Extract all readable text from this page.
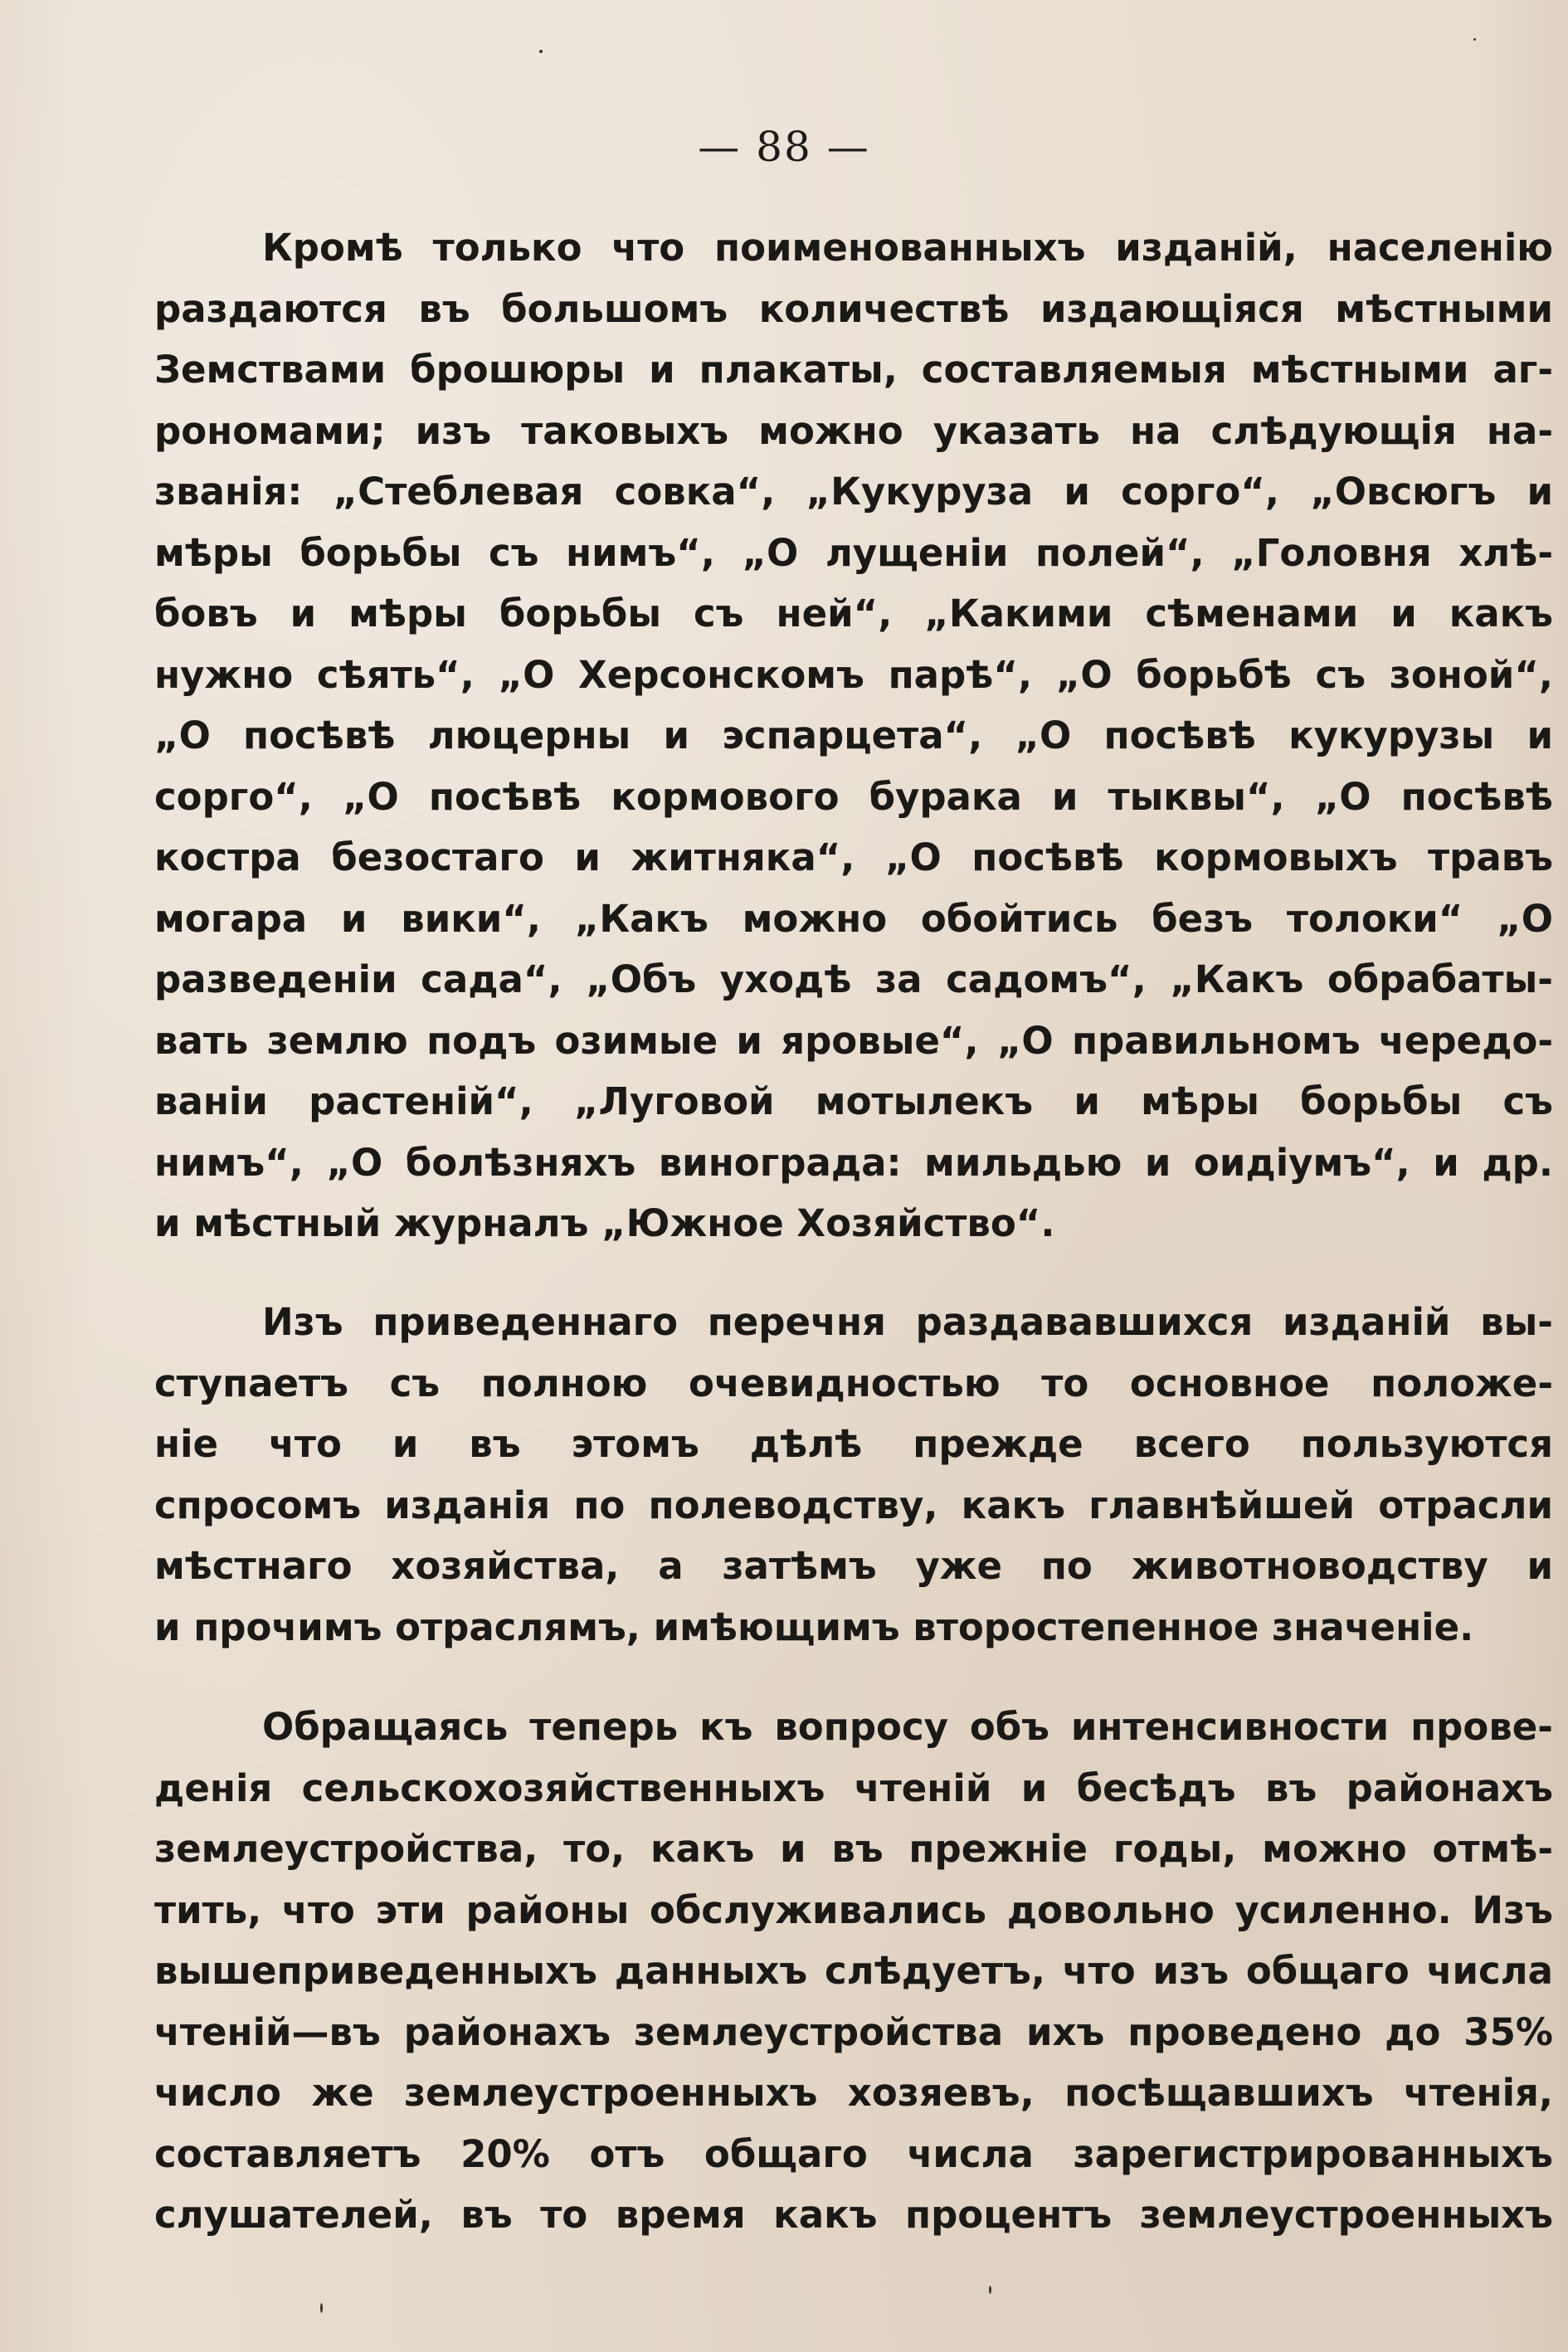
— 88 —
Кромѣ только что поименованныхъ изданій, населенію
раздаются въ большомъ количествѣ издающіяся мѣстными
Земствами брошюры и плакаты, составляемыя мѣстными аг-
рономами; изъ таковыхъ можно указать на слѣдующія на-
званія: „Стеблевая совка“, „Кукуруза и сорго“, „Овсюгъ и
мѣры борьбы съ нимъ“, „О лущеніи полей“, „Головня хлѣ-
бовъ и мѣры борьбы съ ней“, „Какими сѣменами и какъ
нужно сѣять“, „О Херсонскомъ парѣ“, „О борьбѣ съ зоной“,
„О посѣвѣ люцерны и эспарцета“, „О посѣвѣ кукурузы и
сорго“, „О посѣвѣ кормового бурака и тыквы“, „О посѣвѣ
костра безостаго и житняка“, „О посѣвѣ кормовыхъ травъ
могара и вики“, „Какъ можно обойтись безъ толоки“ „О
разведеніи сада“, „Объ уходѣ за садомъ“, „Какъ обрабаты-
вать землю подъ озимые и яровые“, „О правильномъ чередо-
ваніи растеній“, „Луговой мотылекъ и мѣры борьбы съ
нимъ“, „О болѣзняхъ винограда: мильдью и оидіумъ“, и др.
и мѣстный журналъ „Южное Хозяйство“.
Изъ приведеннаго перечня раздававшихся изданій вы-
ступаетъ съ полною очевидностью то основное положе-
ніе что и въ этомъ дѣлѣ прежде всего пользуются
спросомъ изданія по полеводству, какъ главнѣйшей отрасли
мѣстнаго хозяйства, а затѣмъ уже по животноводству и
и прочимъ отраслямъ, имѣющимъ второстепенное значеніе.
Обращаясь теперь къ вопросу объ интенсивности прове-
денія сельскохозяйственныхъ чтеній и бесѣдъ въ районахъ
землеустройства, то, какъ и въ прежніе годы, можно отмѣ-
тить, что эти районы обслуживались довольно усиленно. Изъ
вышеприведенныхъ данныхъ слѣдуетъ, что изъ общаго числа
чтеній—въ районахъ землеустройства ихъ проведено до 35%
число же землеустроенныхъ хозяевъ, посѣщавшихъ чтенія,
составляетъ 20% отъ общаго числа зарегистрированныхъ
слушателей, въ то время какъ процентъ землеустроенныхъ
